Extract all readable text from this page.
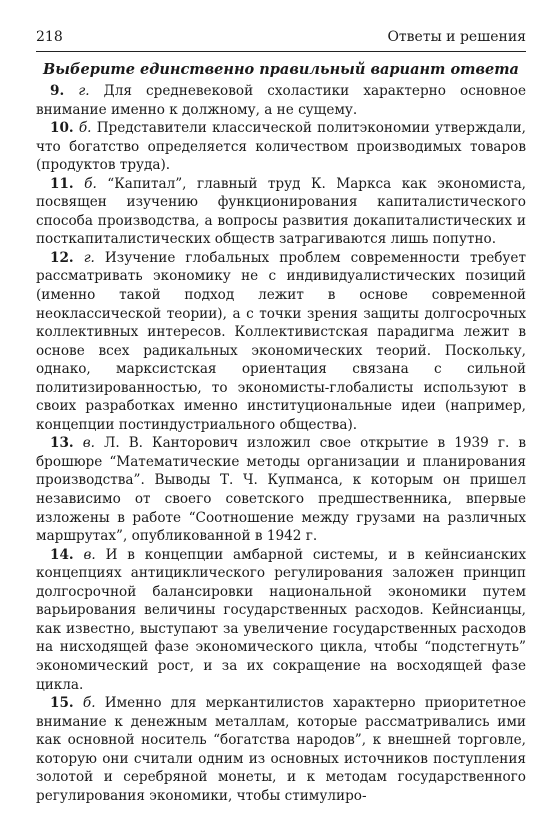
218	Ответы и решения
Выберите единственно правильный вариант ответа

9. г. Для средневековой схоластики характерно основное внимание именно к должному, а не сущему.

10. б. Представители классической политэкономии утверждали, что богатство определяется количеством производимых товаров (продуктов труда).

11. б. “Капитал”, главный труд К. Маркса как экономиста, посвящен изучению функционирования капиталистического способа производства, а вопросы развития докапиталистических и посткапиталистических обществ затрагиваются лишь попутно.

12. г. Изучение глобальных проблем современности требует рассматривать экономику не с индивидуалистических позиций (именно такой подход лежит в основе современной неоклассической теории), а с точки зрения защиты долгосрочных коллективных интересов. Коллективистская парадигма лежит в основе всех радикальных экономических теорий. Поскольку, однако, марксистская ориентация связана с сильной политизированностью, то экономисты-глобалисты используют в своих разработках именно институциональные идеи (например, концепции постиндустриального общества).

13. в. Л. В. Канторович изложил свое открытие в 1939 г. в брошюре “Математические методы организации и планирования производства”. Выводы Т. Ч. Купманса, к которым он пришел независимо от своего советского предшественника, впервые изложены в работе “Соотношение между грузами на различных маршрутах”, опубликованной в 1942 г.

14. в. И в концепции амбарной системы, и в кейнсианских концепциях антициклического регулирования заложен принцип долгосрочной балансировки национальной экономики путем варьирования величины государственных расходов. Кейнсианцы, как известно, выступают за увеличение государственных расходов на нисходящей фазе экономического цикла, чтобы “подстегнуть” экономический рост, и за их сокращение на восходящей фазе цикла.

15. б. Именно для меркантилистов характерно приоритетное внимание к денежным металлам, которые рассматривались ими как основной носитель “богатства народов”, к внешней торговле, которую они считали одним из основных источников поступления золотой и серебряной монеты, и к методам государственного регулирования экономики, чтобы стимулиро-
